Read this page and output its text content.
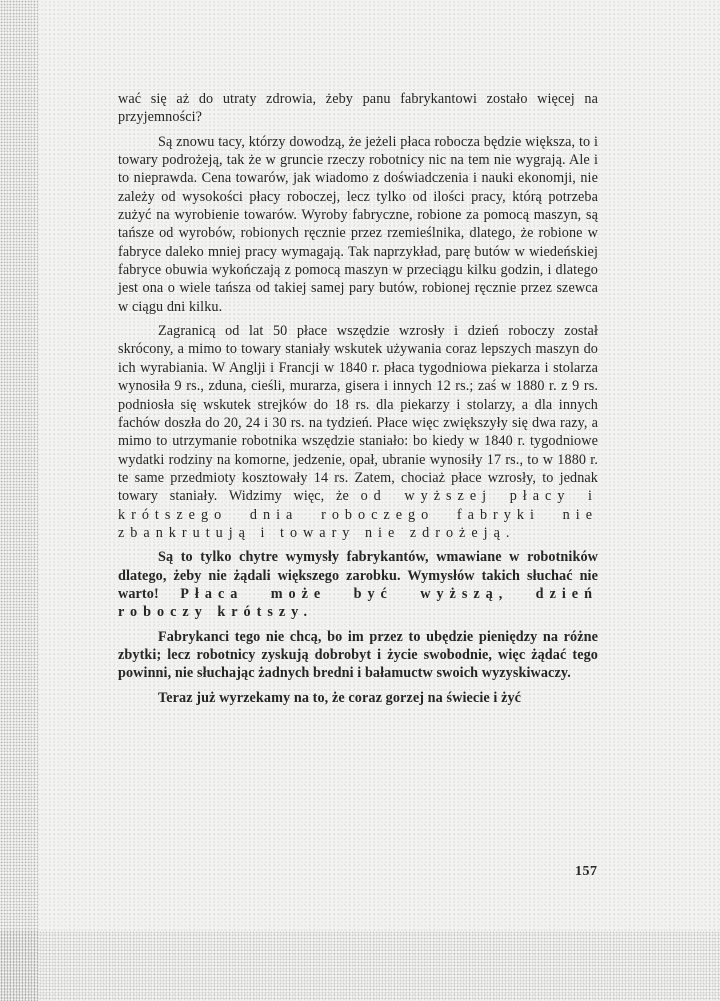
wać się aż do utraty zdrowia, żeby panu fabrykantowi zostało więcej na przyjemności?

Są znowu tacy, którzy dowodzą, że jeżeli płaca robocza będzie większa, to i towary podrożeją, tak że w gruncie rzeczy robotnicy nic na tem nie wygrają. Ale i to nieprawda. Cena towarów, jak wiadomo z doświadczenia i nauki ekonomji, nie zależy od wysokości płacy roboczej, lecz tylko od ilości pracy, którą potrzeba zużyć na wyrobienie towarów. Wyroby fabryczne, robione za pomocą maszyn, są tańsze od wyrobów, robionych ręcznie przez rzemieślnika, dlatego, że robione w fabryce daleko mniej pracy wymagają. Tak naprzykład, parę butów w wiedeńskiej fabryce obuwia wykończają z pomocą maszyn w przeciągu kilku godzin, i dlatego jest ona o wiele tańsza od takiej samej pary butów, robionej ręcznie przez szewca w ciągu dni kilku.

Zagranicą od lat 50 płace wszędzie wzrosły i dzień roboczy został skrócony, a mimo to towary staniały wskutek używania coraz lepszych maszyn do ich wyrabiania. W Anglji i Francji w 1840 r. płaca tygodniowa piekarza i stolarza wynosiła 9 rs., zduna, cieśli, murarza, gisera i innych 12 rs.; zaś w 1880 r. z 9 rs. podniosła się wskutek strejków do 18 rs. dla piekarzy i stolarzy, a dla innych fachów doszła do 20, 24 i 30 rs. na tydzień. Płace więc zwiększyły się dwa razy, a mimo to utrzymanie robotnika wszędzie staniało: bo kiedy w 1840 r. tygodniowe wydatki rodziny na komorne, jedzenie, opał, ubranie wynosiły 17 rs., to w 1880 r. te same przedmioty kosztowały 14 rs. Zatem, chociaż płace wzrosły, to jednak towary staniały. Widzimy więc, że od wyższej płacy i krótszego dnia roboczego fabryki nie zbankrutują i towary nie zdrożeją.

Są to tylko chytre wymysły fabrykantów, wmawiane w robotników dlatego, żeby nie żądali większego zarobku. Wymysłów takich słuchać nie warto! Płaca może być wyższą, dzień roboczy krótszy.

Fabrykanci tego nie chcą, bo im przez to ubędzie pieniędzy na różne zbytki; lecz robotnicy zyskują dobrobyt i życie swobodnie, więc żądać tego powinni, nie słuchając żadnych bredni i bałamuctw swoich wyzyskiwaczy.

Teraz już wyrzekamy na to, że coraz gorzej na świecie i żyć

157
